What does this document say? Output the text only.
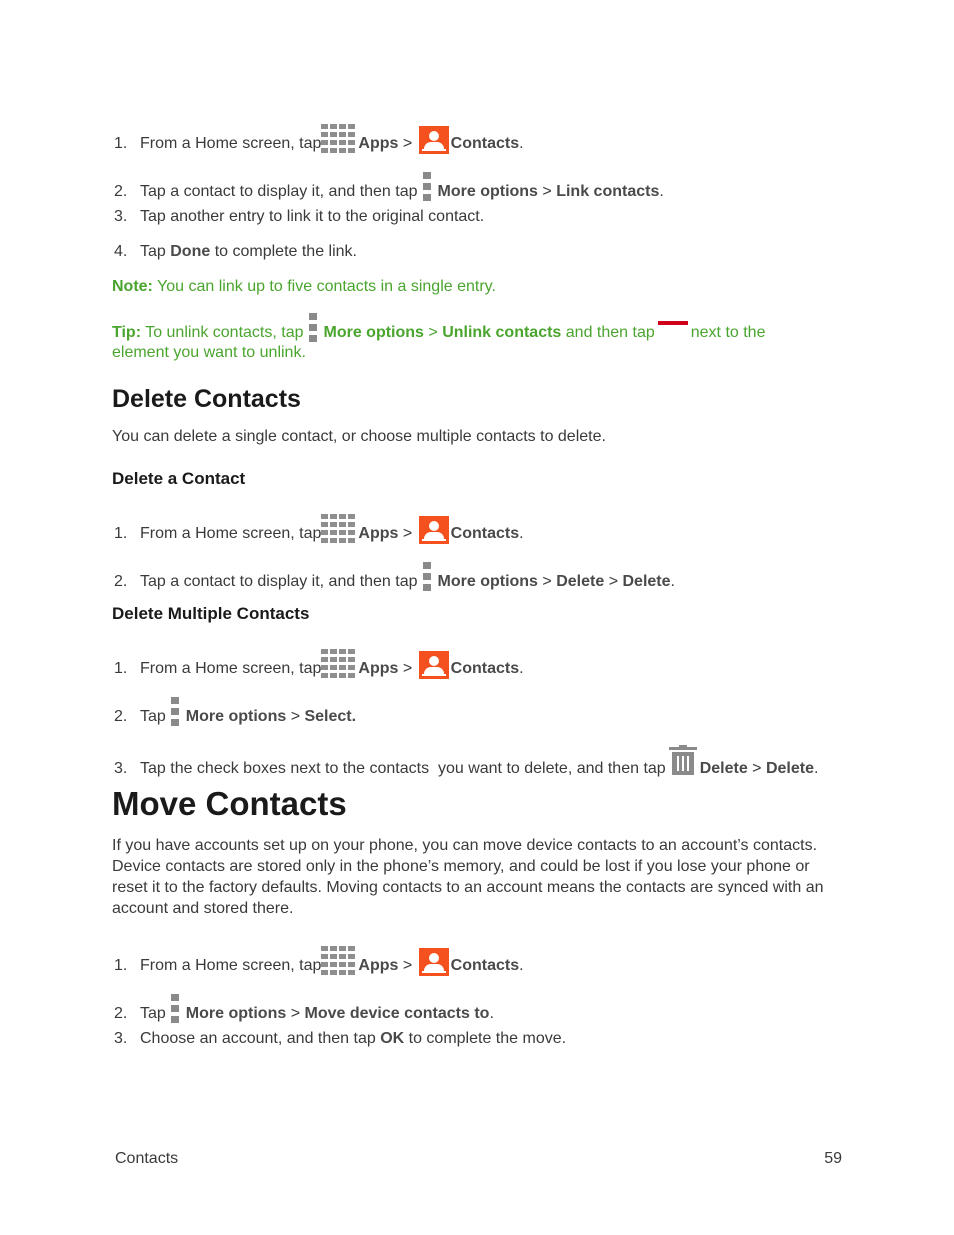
1. From a Home screen, tap Apps > Contacts.
2. Tap a contact to display it, and then tap More options > Link contacts.
3. Tap another entry to link it to the original contact.
4. Tap Done to complete the link.
Note: You can link up to five contacts in a single entry.
Tip: To unlink contacts, tap More options > Unlink contacts and then tap next to the
element you want to unlink.
Delete Contacts
You can delete a single contact, or choose multiple contacts to delete.
Delete a Contact
1. From a Home screen, tap Apps > Contacts.
2. Tap a contact to display it, and then tap More options > Delete > Delete.
Delete Multiple Contacts
1. From a Home screen, tap Apps > Contacts.
2. Tap More options > Select.
3. Tap the check boxes next to the contacts  you want to delete, and then tap Delete > Delete.
Move Contacts
If you have accounts set up on your phone, you can move device contacts to an account’s contacts.
Device contacts are stored only in the phone’s memory, and could be lost if you lose your phone or
reset it to the factory defaults. Moving contacts to an account means the contacts are synced with an
account and stored there.
1. From a Home screen, tap Apps > Contacts.
2. Tap More options > Move device contacts to.
3. Choose an account, and then tap OK to complete the move.
Contacts	59
